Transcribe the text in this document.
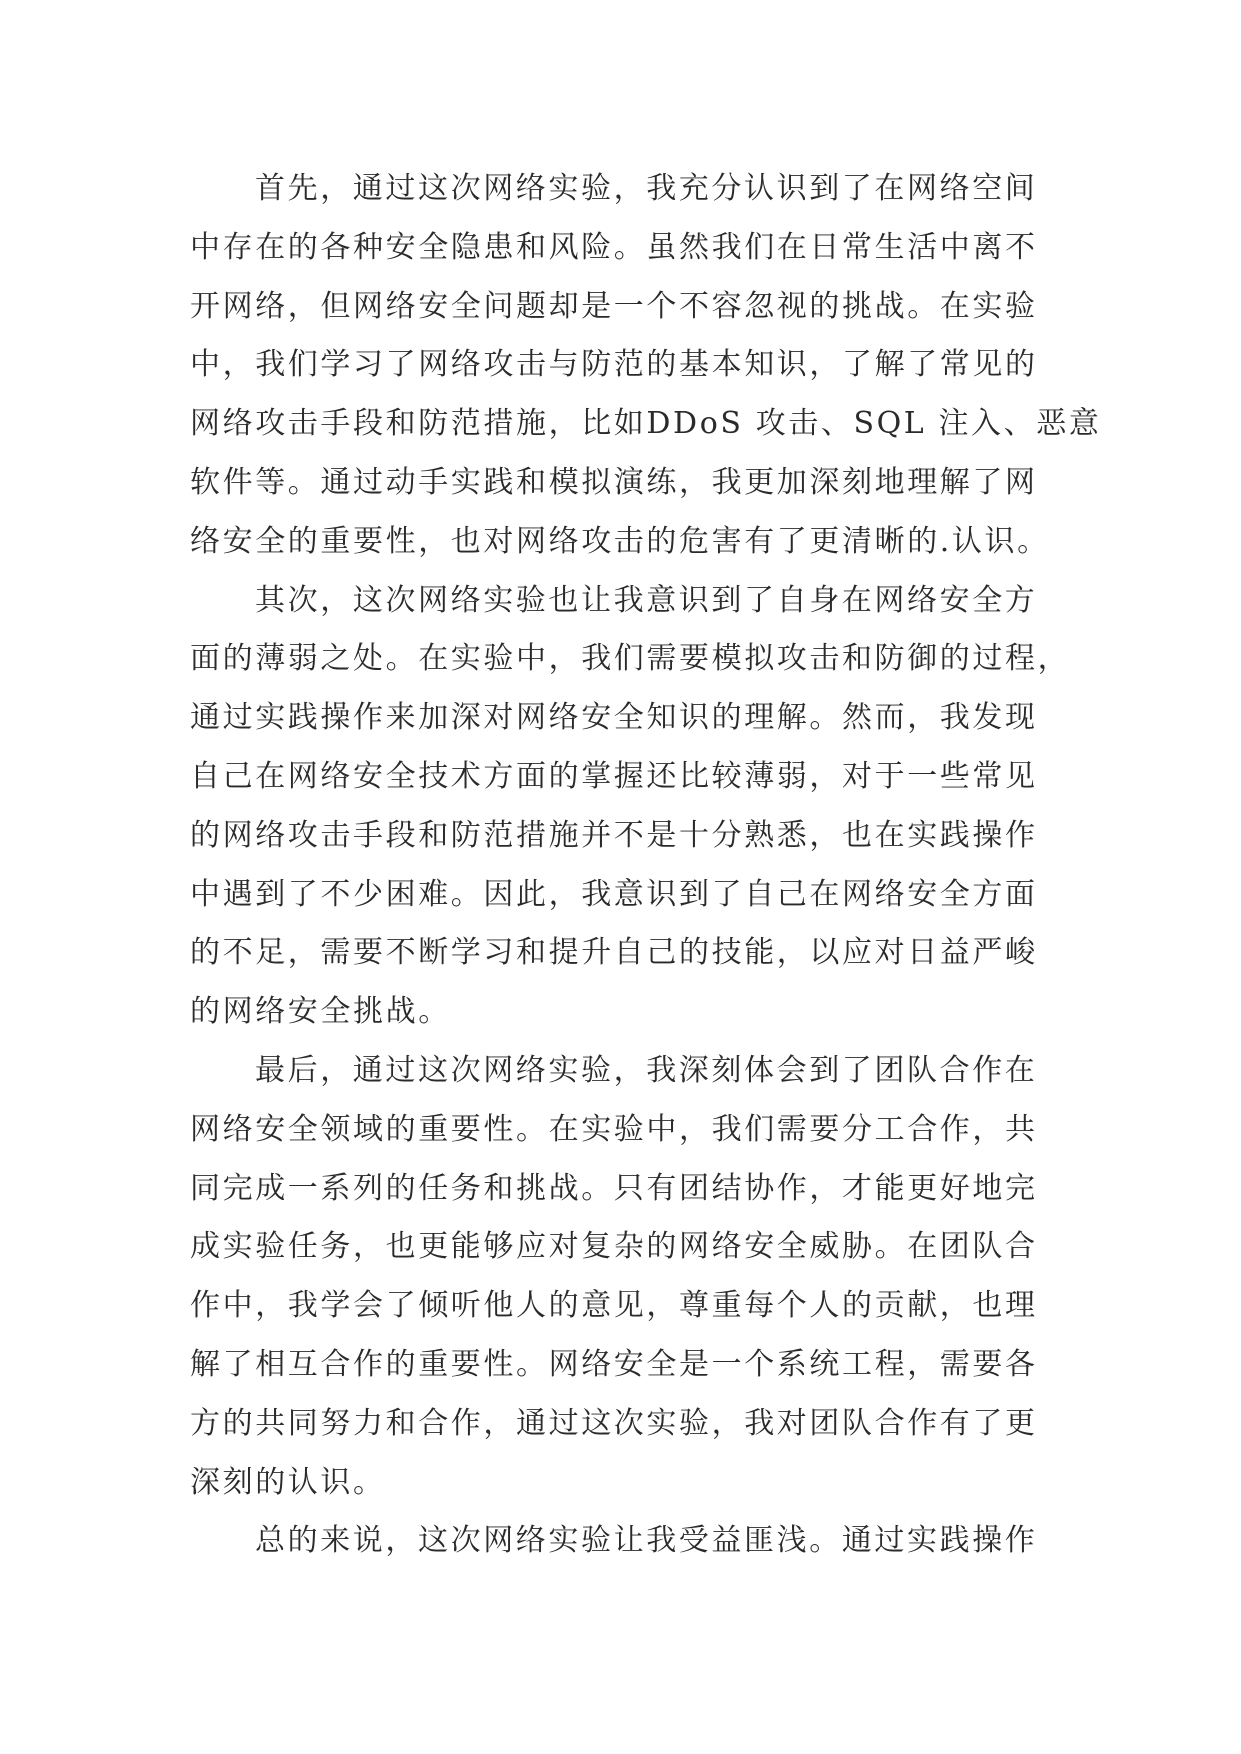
首先，通过这次网络实验，我充分认识到了在网络空间
中存在的各种安全隐患和风险。虽然我们在日常生活中离不
开网络，但网络安全问题却是一个不容忽视的挑战。在实验
中，我们学习了网络攻击与防范的基本知识，了解了常见的
网络攻击手段和防范措施，比如DDoS 攻击、SQL 注入、恶意
软件等。通过动手实践和模拟演练，我更加深刻地理解了网
络安全的重要性，也对网络攻击的危害有了更清晰的.认识。
其次，这次网络实验也让我意识到了自身在网络安全方
面的薄弱之处。在实验中，我们需要模拟攻击和防御的过程，
通过实践操作来加深对网络安全知识的理解。然而，我发现
自己在网络安全技术方面的掌握还比较薄弱，对于一些常见
的网络攻击手段和防范措施并不是十分熟悉，也在实践操作
中遇到了不少困难。因此，我意识到了自己在网络安全方面
的不足，需要不断学习和提升自己的技能，以应对日益严峻
的网络安全挑战。
最后，通过这次网络实验，我深刻体会到了团队合作在
网络安全领域的重要性。在实验中，我们需要分工合作，共
同完成一系列的任务和挑战。只有团结协作，才能更好地完
成实验任务，也更能够应对复杂的网络安全威胁。在团队合
作中，我学会了倾听他人的意见，尊重每个人的贡献，也理
解了相互合作的重要性。网络安全是一个系统工程，需要各
方的共同努力和合作，通过这次实验，我对团队合作有了更
深刻的认识。
总的来说，这次网络实验让我受益匪浅。通过实践操作
